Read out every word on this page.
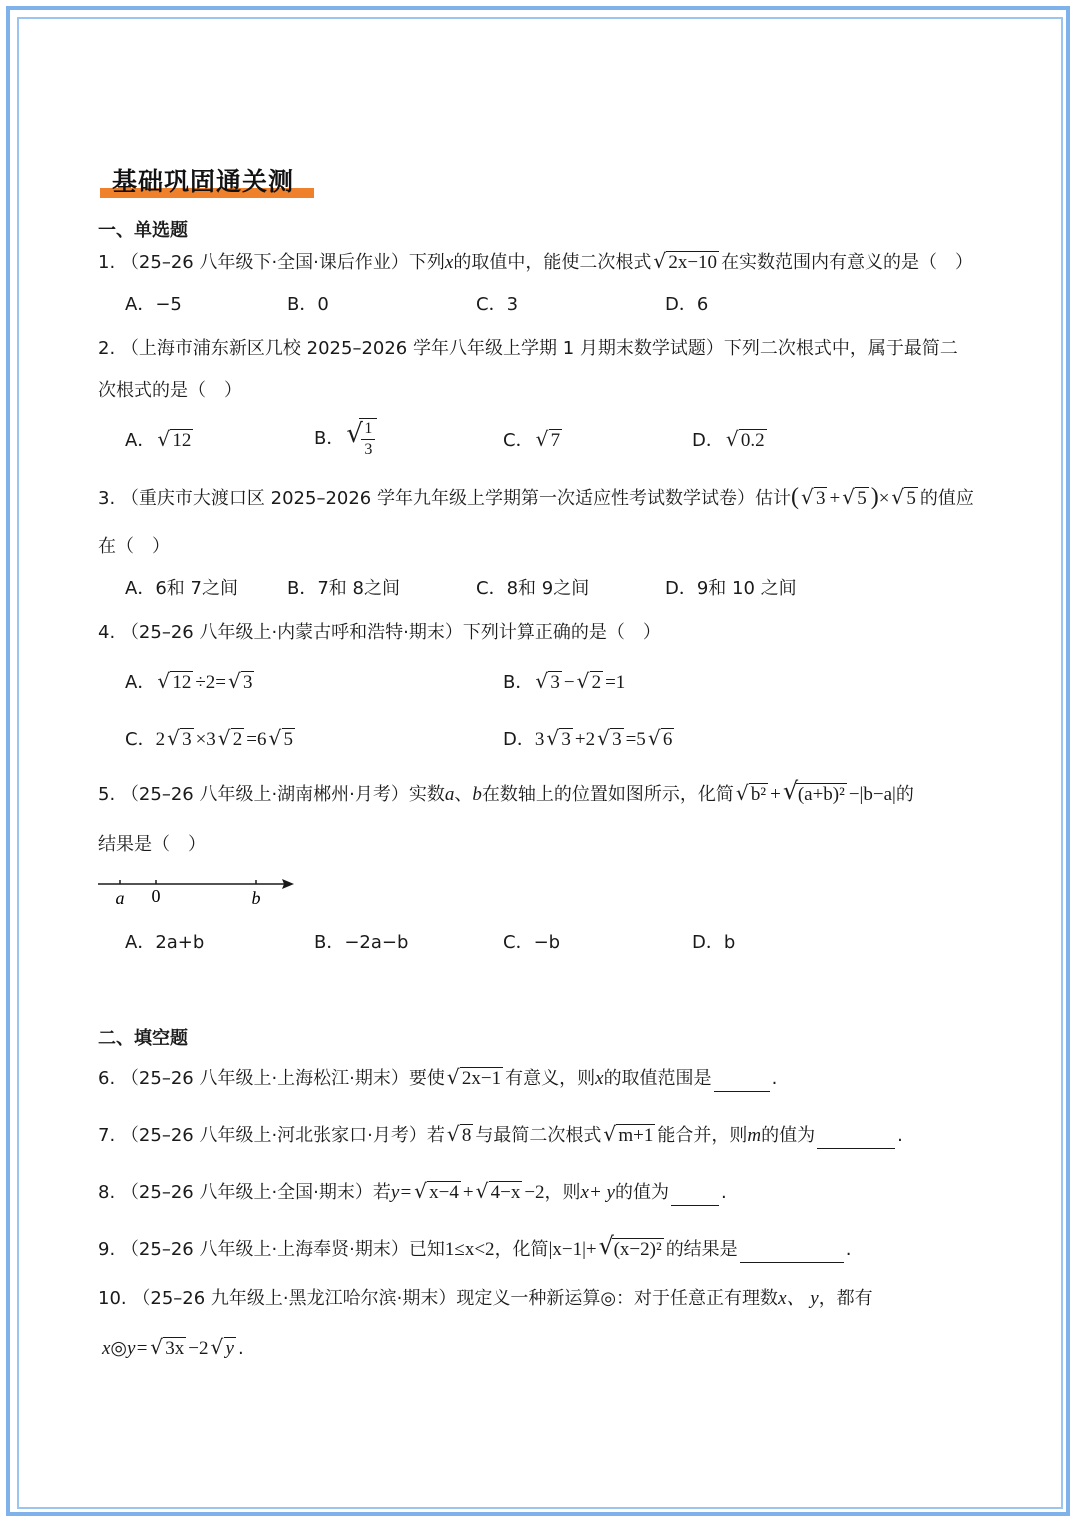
基础巩固通关测
一、单选题
1. （25–26 八年级下·全国·课后作业）下列x的取值中，能使二次根式 √ 2x−10 在实数范围内有意义的是（　）
A．−5	B．0	C．3	D．6
2. （上海市浦东新区几校 2025–2026 学年八年级上学期 1 月期末数学试题）下列二次根式中，属于最简二
次根式的是（　）
A． √ 12	B． √
$\frac{1}{3}$	C． √ 7	D． √ 0.2
3. （重庆市大渡口区 2025–2026 学年九年级上学期第一次适应性考试数学试卷）估计( √ 3 + √ 5 )× √ 5 的值应
在（　）
A．6和 7之间	B．7和 8之间	C．8和 9之间	D．9和 10 之间
4. （25–26 八年级上·内蒙古呼和浩特·期末）下列计算正确的是（　）
A． √ 12 ÷2= √ 3	B． √ 3 − √ 2 =1
C．2 √ 3 ×3 √ 2 =6 √ 5	D．3 √ 3 +2 √ 3 =5 √ 6
5. （25–26 八年级上·湖南郴州·月考）实数a、b在数轴上的位置如图所示，化简 √ b² + √ (a+b)² −|b−a|的
结果是（　）
a 0	b
A．2a+b	B．−2a−b	C．−b	D．b
二、填空题
6. （25–26 八年级上·上海松江·期末）要使 √ 2x−1 有意义，则x的取值范围是	.
7. （25–26 八年级上·河北张家口·月考）若 √ 8 与最简二次根式 √ m+1 能合并，则m的值为	.
8. （25–26 八年级上·全国·期末）若y= √ x−4 + √ 4−x −2，则x+ y的值为	.
9. （25–26 八年级上·上海奉贤·期末）已知1≤x<2，化简|x−1|+ √ (x−2)² 的结果是	.
10. （25–26 九年级上·黑龙江哈尔滨·期末）现定义一种新运算◎：对于任意正有理数x、 y，都有
x◎y= √ 3x −2 √ y .
